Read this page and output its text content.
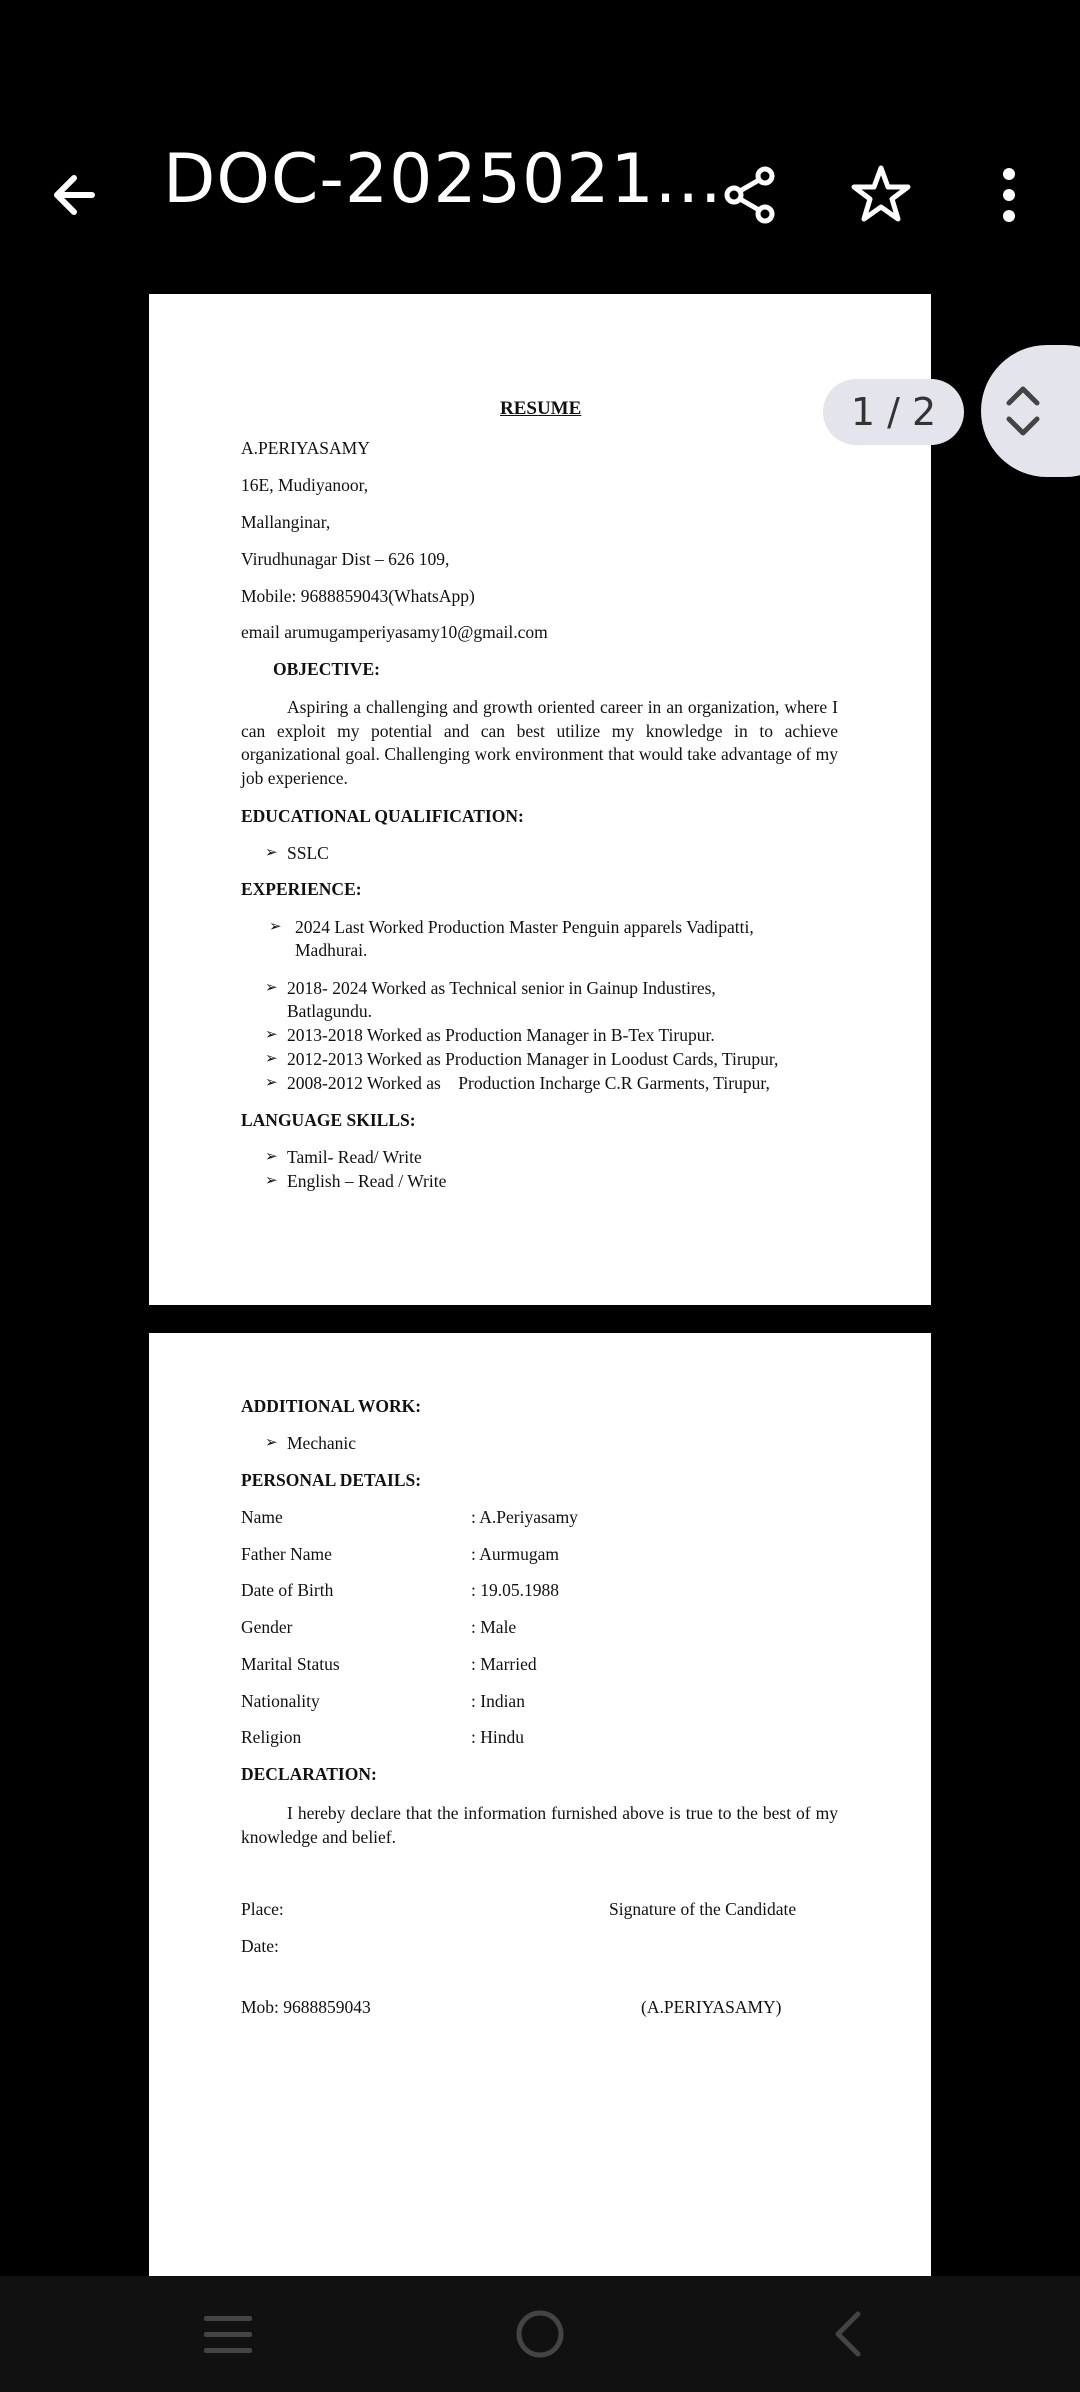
DOC-2025021...
RESUME
A.PERIYASAMY
16E, Mudiyanoor,
Mallanginar,
Virudhunagar Dist – 626 109,
Mobile: 9688859043(WhatsApp)
email arumugamperiyasamy10@gmail.com
OBJECTIVE:
Aspiring a challenging and growth oriented career in an organization, where I can exploit my potential and can best utilize my knowledge in to achieve organizational goal. Challenging work environment that would take advantage of my job experience.
EDUCATIONAL QUALIFICATION:
➢ SSLC
EXPERIENCE:
➢ 2024 Last Worked Production Master Penguin apparels Vadipatti,
Madhurai.
➢ 2018- 2024 Worked as Technical senior in Gainup Industires,
Batlagundu.
➢ 2013-2018 Worked as Production Manager in B-Tex Tirupur.
➢ 2012-2013 Worked as Production Manager in Loodust Cards, Tirupur,
➢ 2008-2012 Worked as    Production Incharge C.R Garments, Tirupur,
LANGUAGE SKILLS:
➢ Tamil- Read/ Write
➢ English – Read / Write
ADDITIONAL WORK:
➢ Mechanic
PERSONAL DETAILS:
Name	: A.Periyasamy
Father Name	: Aurmugam
Date of Birth	: 19.05.1988
Gender	: Male
Marital Status	: Married
Nationality	: Indian
Religion	: Hindu
DECLARATION:
I hereby declare that the information furnished above is true to the best of my knowledge and belief.
Place:	Signature of the Candidate
Date:
Mob: 9688859043	(A.PERIYASAMY)
1 / 2
